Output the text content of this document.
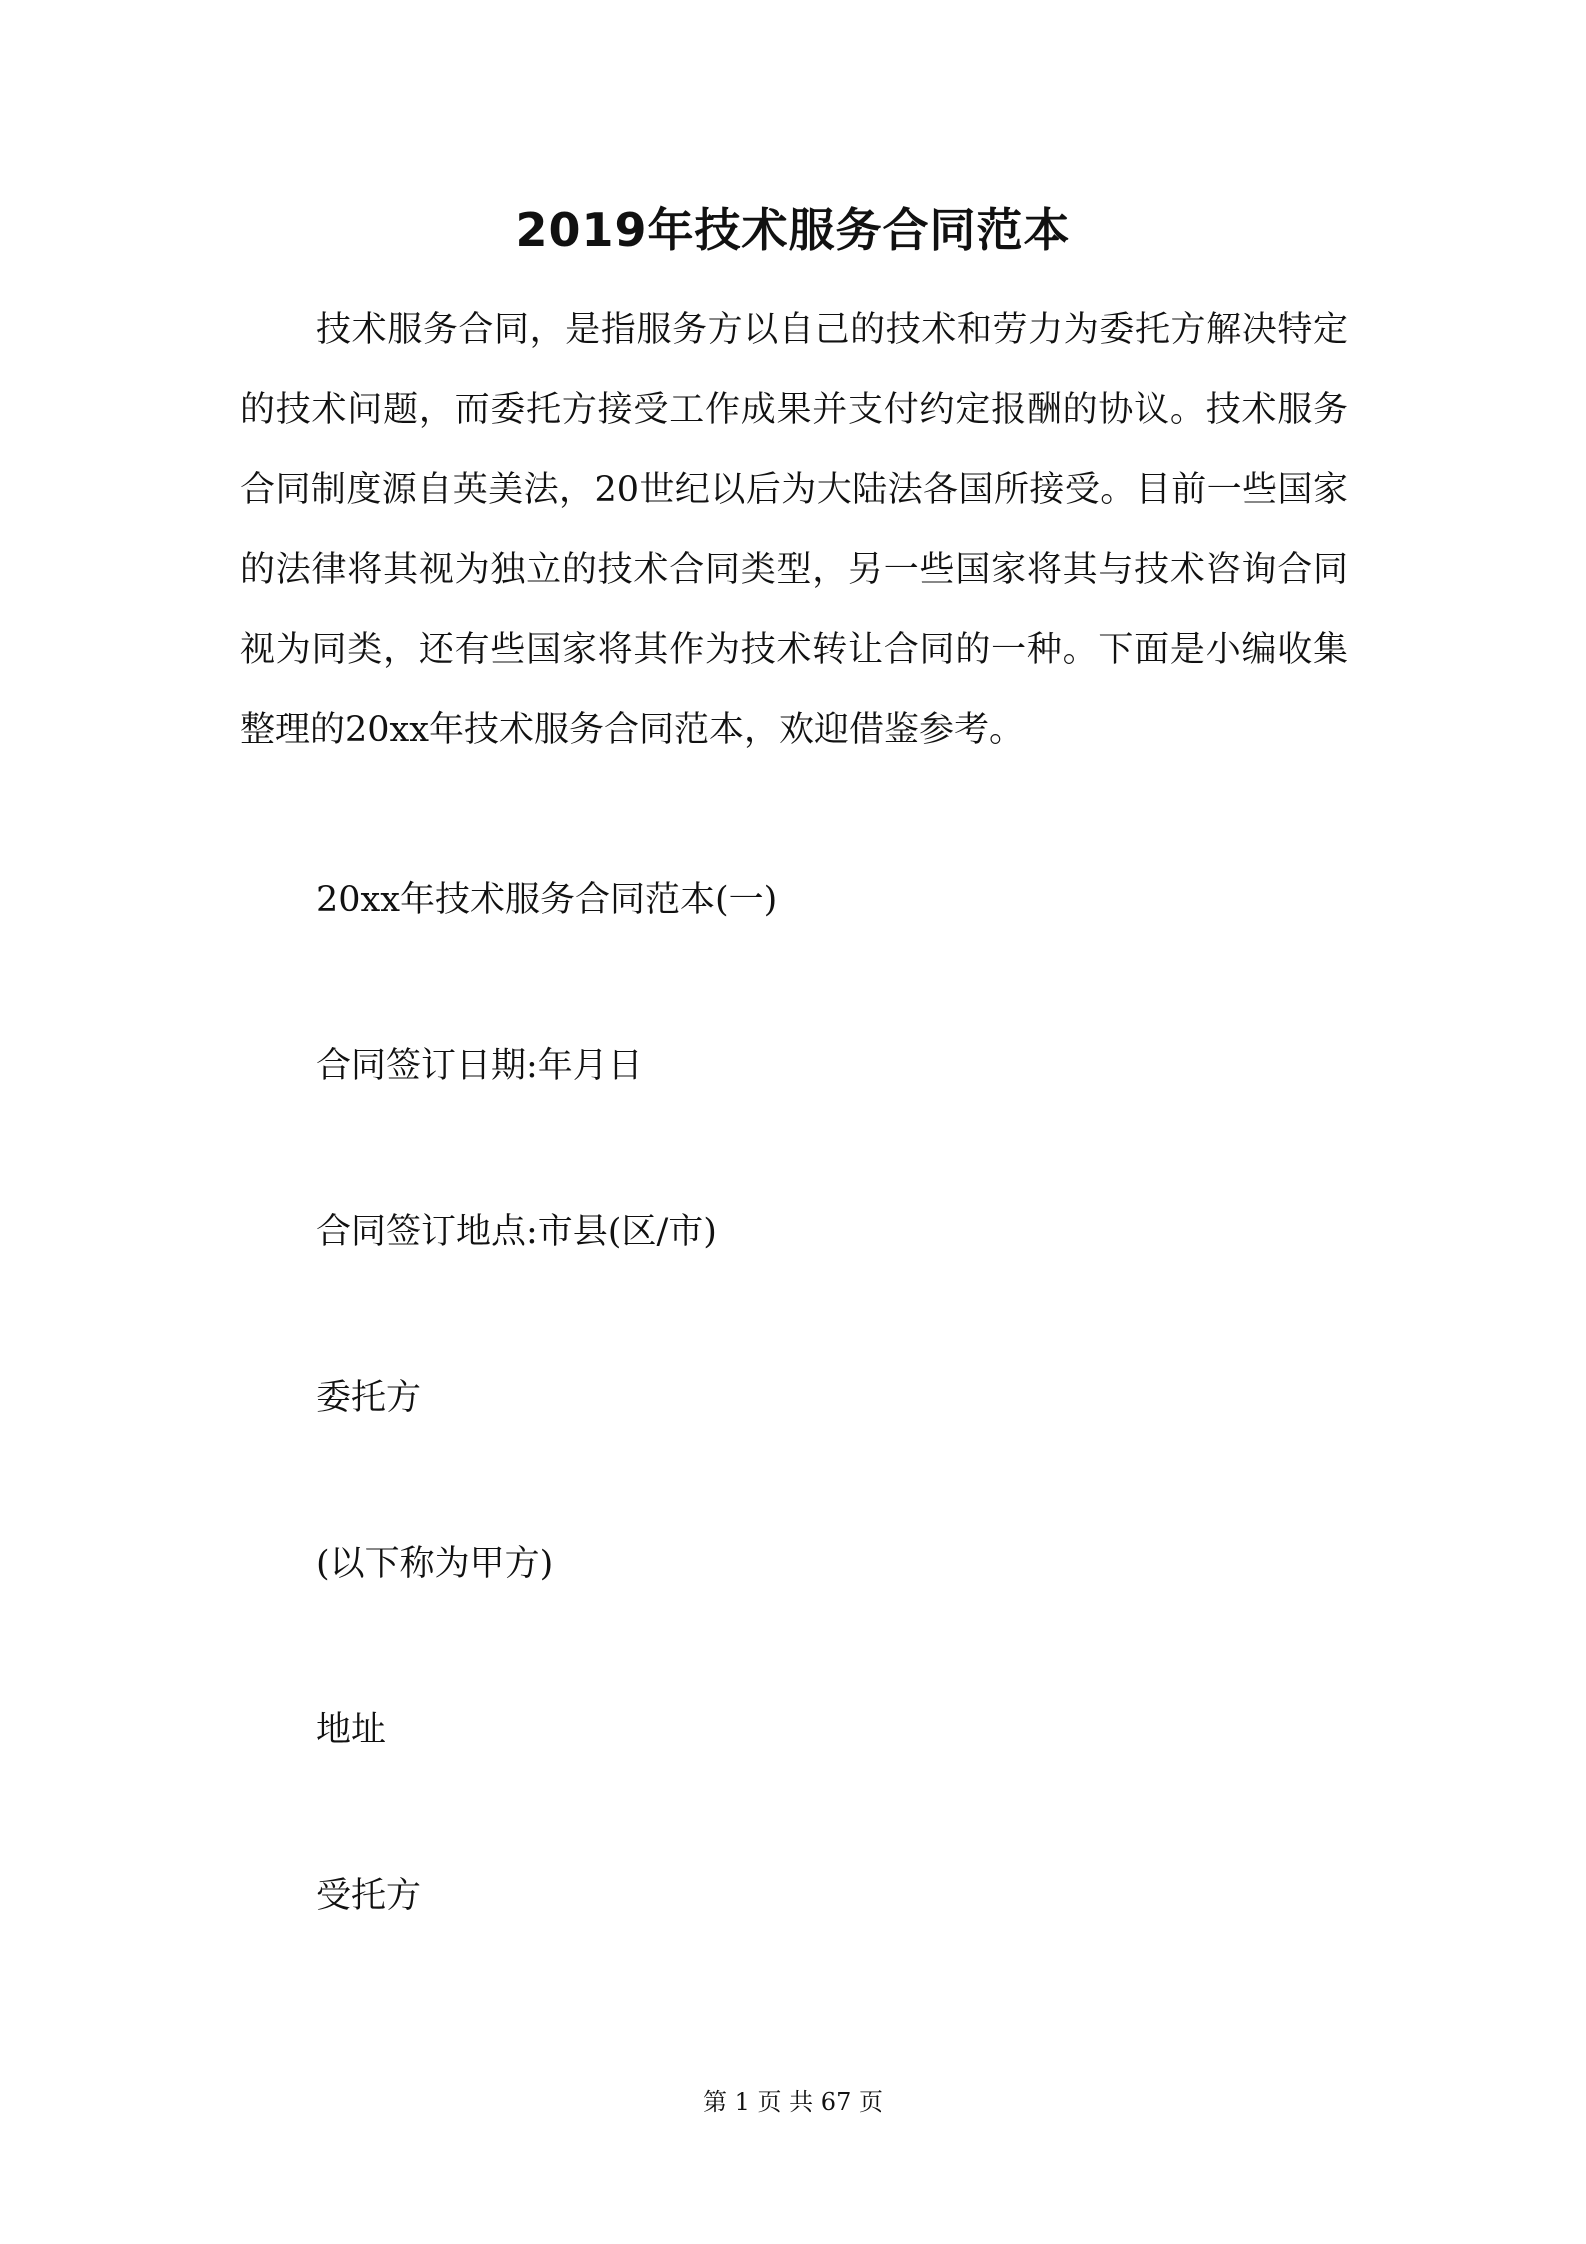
2019年技术服务合同范本

技术服务合同，是指服务方以自己的技术和劳力为委托方解决特定的技术问题，而委托方接受工作成果并支付约定报酬的协议。技术服务合同制度源自英美法，20世纪以后为大陆法各国所接受。目前一些国家的法律将其视为独立的技术合同类型，另一些国家将其与技术咨询合同视为同类，还有些国家将其作为技术转让合同的一种。下面是小编收集整理的20xx年技术服务合同范本，欢迎借鉴参考。

20xx年技术服务合同范本(一)

合同签订日期:年月日

合同签订地点:市县(区/市)

委托方

(以下称为甲方)

地址

受托方

第 1 页 共 67 页
